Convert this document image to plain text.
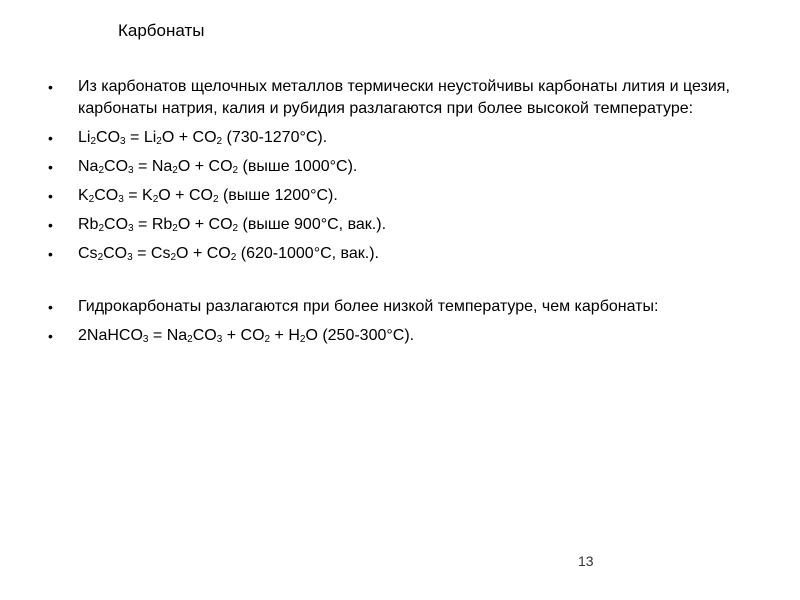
Карбонаты
•	Из карбонатов щелочных металлов термически неустойчивы карбонаты лития и цезия, карбонаты натрия, калия и рубидия разлагаются при более высокой температуре:
•	$Li_2CO_3 = Li_2O + CO_2$ (730-1270°C).
•	$Na_2CO_3 = Na_2O + CO_2$ (выше 1000°C).
•	$K_2CO_3 = K_2O + CO_2$ (выше 1200°C).
•	$Rb_2CO_3 = Rb_2O + CO_2$ (выше 900°C, вак.).
•	$Cs_2CO_3 = Cs_2O + CO_2$ (620-1000°C, вак.).
•	Гидрокарбонаты разлагаются при более низкой температуре, чем карбонаты:
•	2NaHCO$_3$ = $Na_2CO_3 + CO_2 + H_2O$ (250-300°C).
13
